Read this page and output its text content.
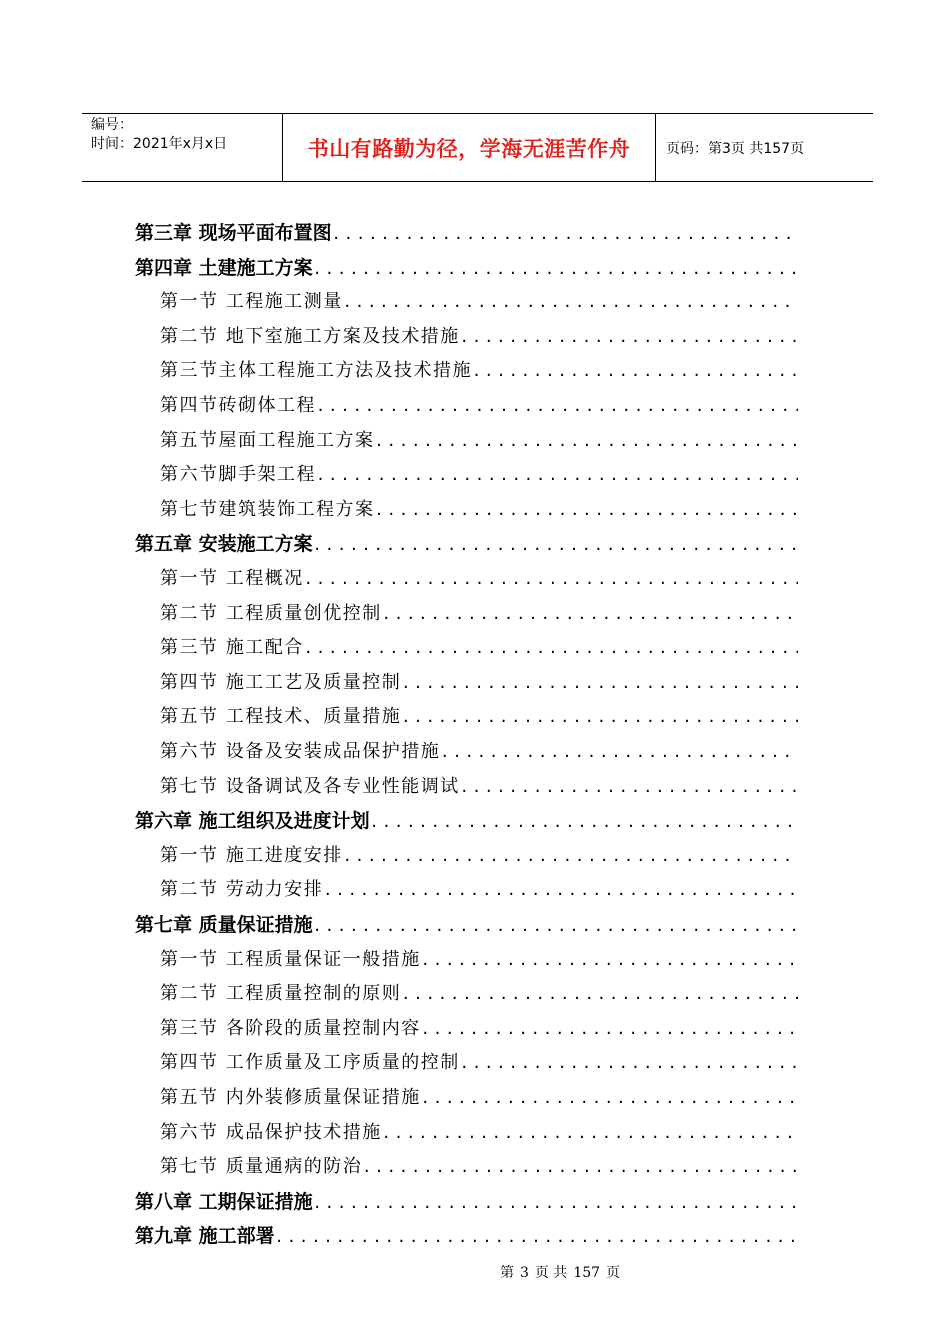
编号：
时间：2021年x月x日	书山有路勤为径，学海无涯苦作舟	页码：第3页 共157页
第三章 现场平面布置图
.....
第四章 土建施工方案
.....
第一节 工程施工测量
.....
第二节 地下室施工方案及技术措施
.....
第三节主体工程施工方法及技术措施
.....
第四节砖砌体工程
.....
第五节屋面工程施工方案
.....
第六节脚手架工程
.....
第七节建筑装饰工程方案
.....
第五章 安装施工方案
.....
第一节 工程概况
.....
第二节 工程质量创优控制
.....
第三节 施工配合
.....
第四节 施工工艺及质量控制
.....
第五节 工程技术、质量措施
.....
第六节 设备及安装成品保护措施
.....
第七节 设备调试及各专业性能调试
.....
第六章 施工组织及进度计划
.....
第一节 施工进度安排
.....
第二节 劳动力安排
.....
第七章 质量保证措施
.....
第一节 工程质量保证一般措施
.....
第二节 工程质量控制的原则
.....
第三节 各阶段的质量控制内容
.....
第四节 工作质量及工序质量的控制
.....
第五节 内外装修质量保证措施
.....
第六节 成品保护技术措施
.....
第七节 质量通病的防治
.....
第八章 工期保证措施
.....
第九章 施工部署
.....
第 3 页 共 157 页
